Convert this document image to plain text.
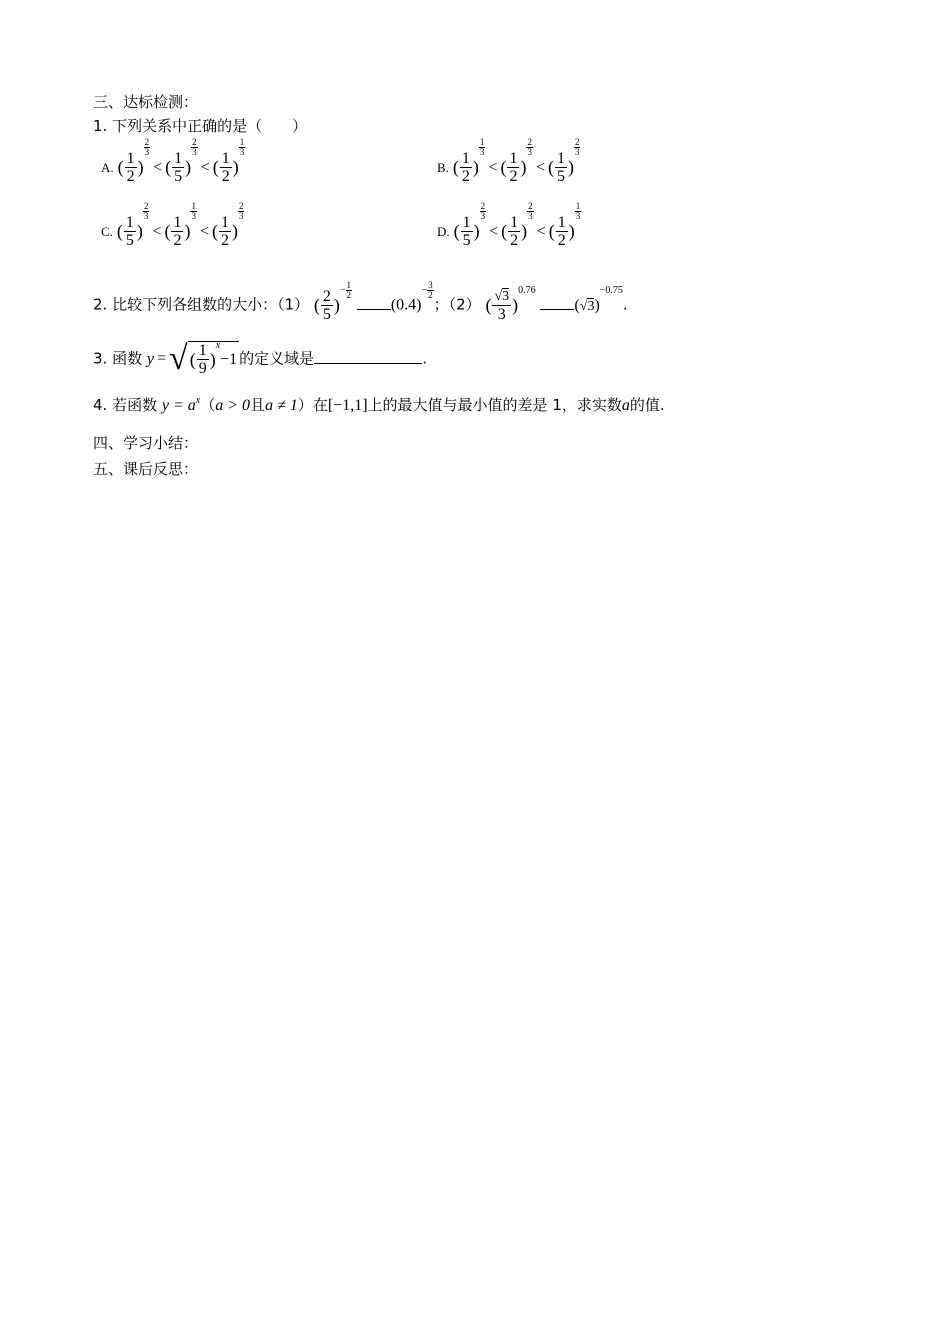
三、达标检测：
1. 下列关系中正确的是（　　）
A. ( $\frac{1}{2}$ )
$\frac{2}{3}$
< ( $\frac{1}{5}$ )
$\frac{2}{3}$
< ( $\frac{1}{2}$ )
$\frac{1}{3}$
B. ( $\frac{1}{2}$ )
$\frac{1}{3}$
< ( $\frac{1}{2}$ )
$\frac{2}{3}$
< ( $\frac{1}{5}$ )
$\frac{2}{3}$
C. ( $\frac{1}{5}$ )
$\frac{2}{3}$
< ( $\frac{1}{2}$ )
$\frac{1}{3}$
< ( $\frac{1}{2}$ )
$\frac{2}{3}$
D. ( $\frac{1}{5}$ )
$\frac{2}{3}$
< ( $\frac{1}{2}$ )
$\frac{2}{3}$
< ( $\frac{1}{2}$ )
$\frac{1}{3}$
2. 比较下列各组数的大小：（1） ( $\frac{2}{5}$ )− $\frac{1}{2}$
$(0.4)- \frac{3}{2}$
；（2） ( $\frac{√3}{3} )0.76$ (√3)−0.75.
3. 函数 y =√ ( $\frac{1}{9} )x-1$ 的定义域是	.
4. 若函数 $y = a^x(a > 0$且a ≠ 1）在[−1,1]上的最大值与最小值的差是 1，求实数a的值.
四、学习小结：
五、课后反思：
